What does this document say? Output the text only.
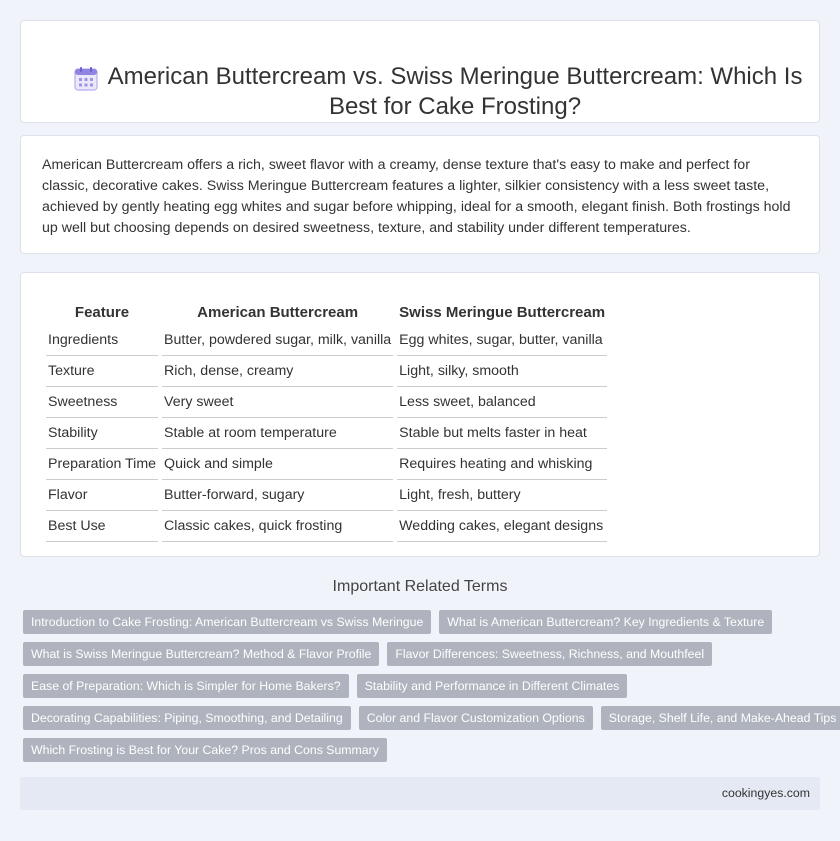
American Buttercream vs. Swiss Meringue Buttercream: Which Is Best for Cake Frosting?

American Buttercream offers a rich, sweet flavor with a creamy, dense texture that's easy to make and perfect for classic, decorative cakes. Swiss Meringue Buttercream features a lighter, silkier consistency with a less sweet taste, achieved by gently heating egg whites and sugar before whipping, ideal for a smooth, elegant finish. Both frostings hold up well but choosing depends on desired sweetness, texture, and stability under different temperatures.

Feature	American Buttercream	Swiss Meringue Buttercream
Ingredients	Butter, powdered sugar, milk, vanilla	Egg whites, sugar, butter, vanilla
Texture	Rich, dense, creamy	Light, silky, smooth
Sweetness	Very sweet	Less sweet, balanced
Stability	Stable at room temperature	Stable but melts faster in heat
Preparation Time	Quick and simple	Requires heating and whisking
Flavor	Butter-forward, sugary	Light, fresh, buttery
Best Use	Classic cakes, quick frosting	Wedding cakes, elegant designs
Important Related Terms
Introduction to Cake Frosting: American Buttercream vs Swiss Meringue	What is American Buttercream? Key Ingredients & Texture
What is Swiss Meringue Buttercream? Method & Flavor Profile	Flavor Differences: Sweetness, Richness, and Mouthfeel
Ease of Preparation: Which is Simpler for Home Bakers?	Stability and Performance in Different Climates
Decorating Capabilities: Piping, Smoothing, and Detailing	Color and Flavor Customization Options	Storage, Shelf Life, and Make-Ahead Tips
Which Frosting is Best for Your Cake? Pros and Cons Summary
cookingyes.com
